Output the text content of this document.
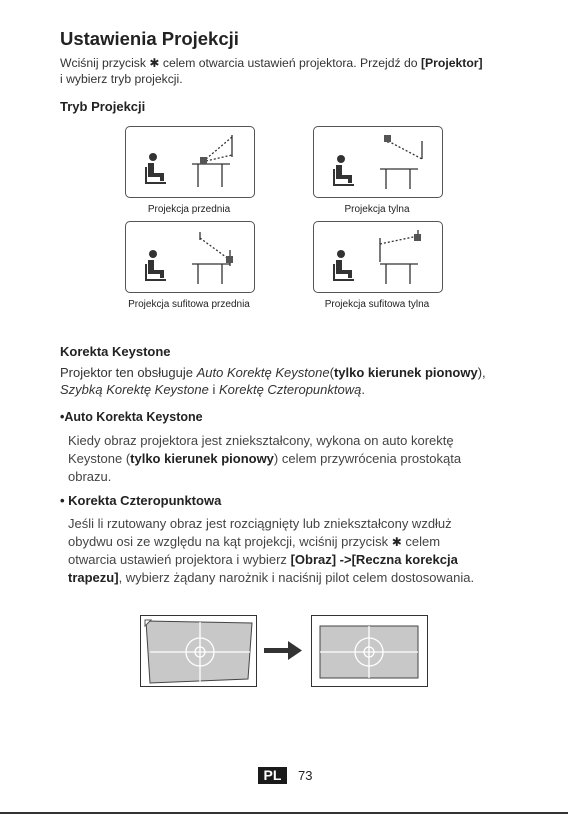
Ustawienia Projekcji
Wciśnij przycisk ✱ celem otwarcia ustawień projektora. Przejdź do [Projektor]
i wybierz tryb projekcji.
Tryb Projekcji
Projekcja przednia	Projekcja tylna
Projekcja sufitowa przednia	Projekcja sufitowa tylna
Korekta Keystone
Projektor ten obsługuje Auto Korektę Keystone(tylko kierunek pionowy),
Szybką Korektę Keystone i Korektę Czteropunktową.
•Auto Korekta Keystone
Kiedy obraz projektora jest zniekształcony, wykona on auto korektę
Keystone (tylko kierunek pionowy) celem przywrócenia prostokąta
obrazu.
• Korekta Czteropunktowa
Jeśli li rzutowany obraz jest rozciągnięty lub zniekształcony wzdłuż
obydwu osi ze względu na kąt projekcji, wciśnij przycisk ✱ celem
otwarcia ustawień projektora i wybierz [Obraz] ->[Reczna korekcja
trapezu], wybierz żądany narożnik i naciśnij pilot celem dostosowania.
PL	73
